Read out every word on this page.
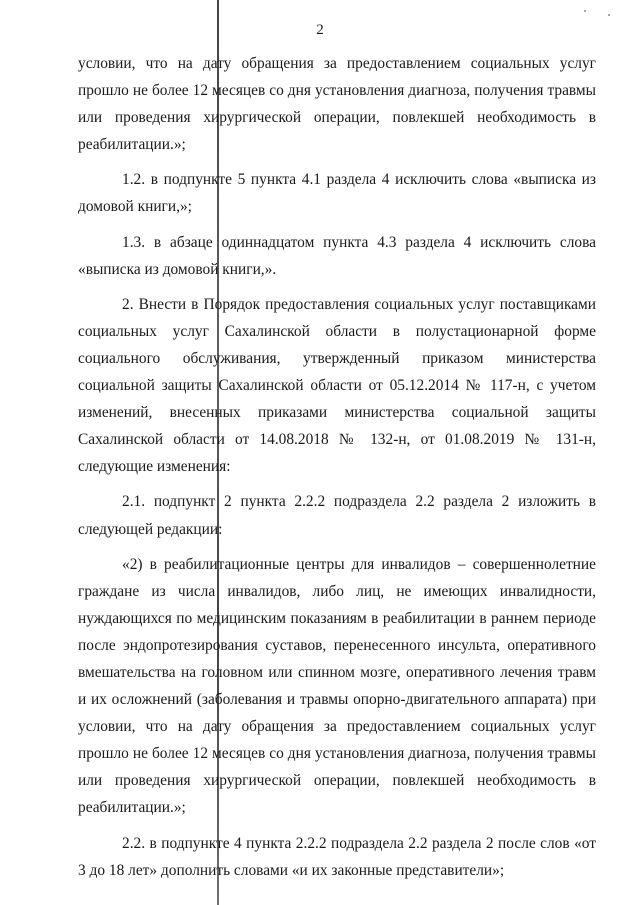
2
условии, что на дату обращения за предоставлением социальных услуг
прошло не более 12 месяцев со дня установления диагноза, получения травмы
или проведения хирургической операции, повлекшей необходимость в
реабилитации.»;
1.2. в подпункте 5 пункта 4.1 раздела 4 исключить слова «выписка из
домовой книги,»;
1.3. в абзаце одиннадцатом пункта 4.3 раздела 4 исключить слова
«выписка из домовой книги,».
2. Внести в Порядок предоставления социальных услуг поставщиками
социальных услуг Сахалинской области в полустационарной форме
социального обслуживания, утвержденный приказом министерства
социальной защиты Сахалинской области от 05.12.2014 № 117-н, с учетом
изменений, внесенных приказами министерства социальной защиты
Сахалинской области от 14.08.2018 № 132-н, от 01.08.2019 № 131-н,
следующие изменения:
2.1. подпункт 2 пункта 2.2.2 подраздела 2.2 раздела 2 изложить в
следующей редакции:
«2) в реабилитационные центры для инвалидов – совершеннолетние
граждане из числа инвалидов, либо лиц, не имеющих инвалидности,
нуждающихся по медицинским показаниям в реабилитации в раннем периоде
после эндопротезирования суставов, перенесенного инсульта, оперативного
вмешательства на головном или спинном мозге, оперативного лечения травм
и их осложнений (заболевания и травмы опорно-двигательного аппарата) при
условии, что на дату обращения за предоставлением социальных услуг
прошло не более 12 месяцев со дня установления диагноза, получения травмы
или проведения хирургической операции, повлекшей необходимость в
реабилитации.»;
2.2. в подпункте 4 пункта 2.2.2 подраздела 2.2 раздела 2 после слов «от
3 до 18 лет» дополнить словами «и их законные представители»;
